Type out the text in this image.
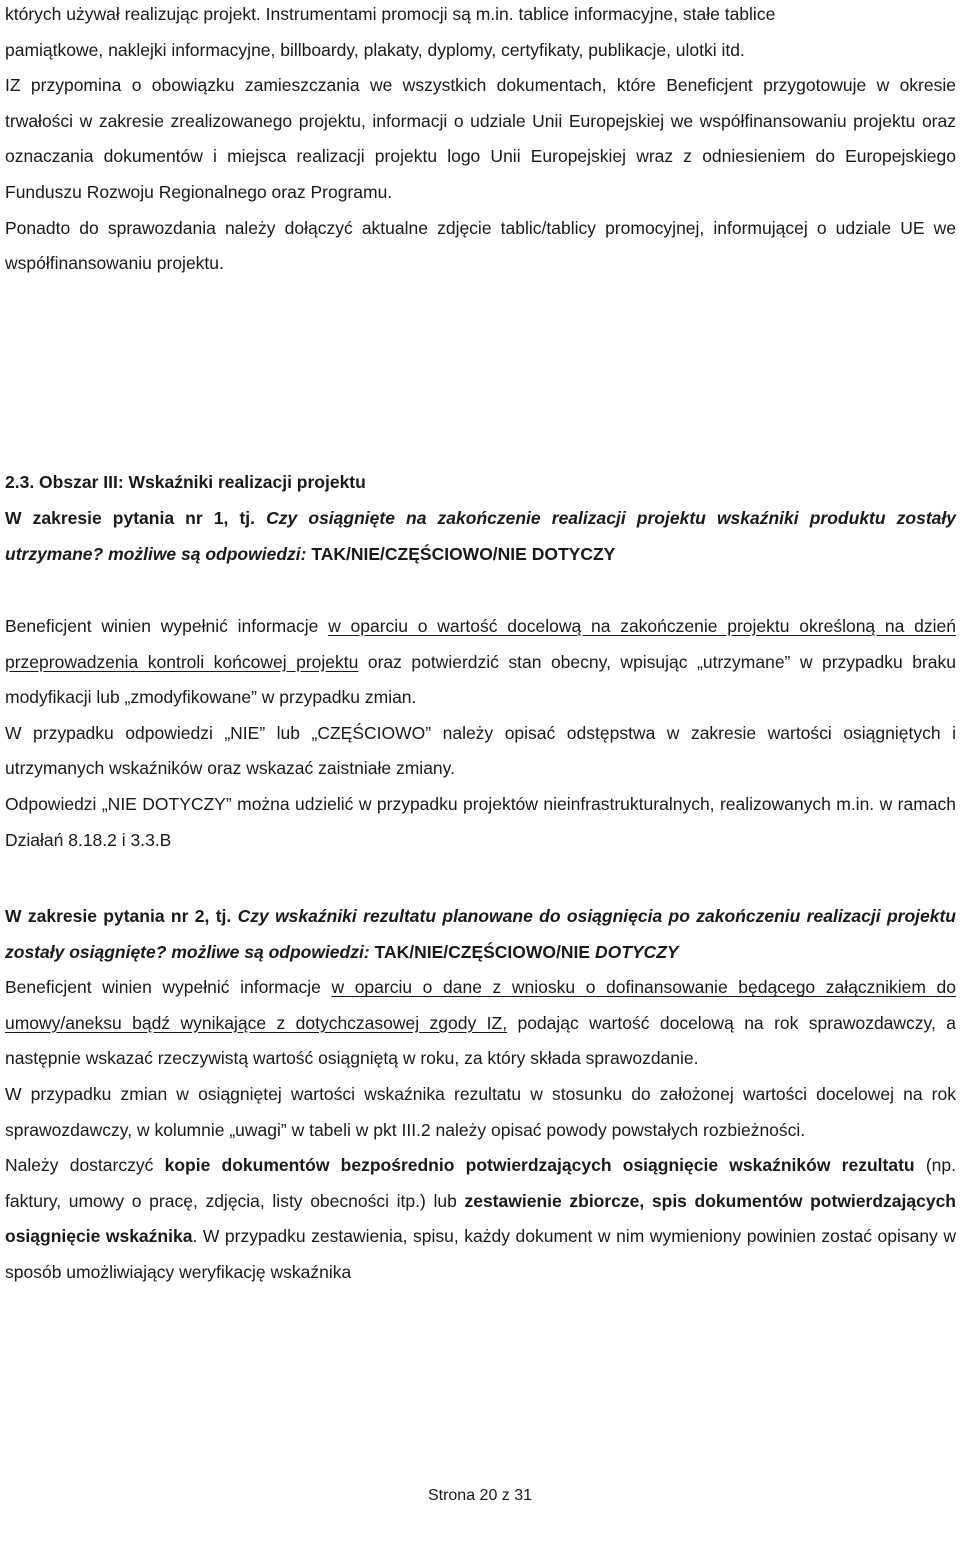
których używał realizując projekt. Instrumentami promocji są m.in. tablice informacyjne, stałe tablice

pamiątkowe, naklejki informacyjne, billboardy, plakaty, dyplomy, certyfikaty, publikacje, ulotki itd.

IZ przypomina o obowiązku zamieszczania we wszystkich dokumentach, które Beneficjent przygotowuje w okresie trwałości w zakresie zrealizowanego projektu, informacji o udziale Unii Europejskiej we współfinansowaniu projektu oraz oznaczania dokumentów i miejsca realizacji projektu logo Unii Europejskiej wraz z odniesieniem do Europejskiego Funduszu Rozwoju Regionalnego oraz Programu.

Ponadto do sprawozdania należy dołączyć aktualne zdjęcie tablic/tablicy promocyjnej, informującej o udziale UE we współfinansowaniu projektu.

2.3. Obszar III: Wskaźniki realizacji projektu

W zakresie pytania nr 1, tj. Czy osiągnięte na zakończenie realizacji projektu wskaźniki produktu zostały utrzymane? możliwe są odpowiedzi: TAK/NIE/CZĘŚCIOWO/NIE DOTYCZY

Beneficjent winien wypełnić informacje w oparciu o wartość docelową na zakończenie projektu określoną na dzień przeprowadzenia kontroli końcowej projektu oraz potwierdzić stan obecny, wpisując „utrzymane” w przypadku braku modyfikacji lub „zmodyfikowane” w przypadku zmian.

W przypadku odpowiedzi „NIE” lub „CZĘŚCIOWO” należy opisać odstępstwa w zakresie wartości osiągniętych i utrzymanych wskaźników oraz wskazać zaistniałe zmiany.

Odpowiedzi „NIE DOTYCZY” można udzielić w przypadku projektów nieinfrastrukturalnych, realizowanych m.in. w ramach Działań 8.18.2 i 3.3.B

W zakresie pytania nr 2, tj. Czy wskaźniki rezultatu planowane do osiągnięcia po zakończeniu realizacji projektu zostały osiągnięte? możliwe są odpowiedzi: TAK/NIE/CZĘŚCIOWO/NIE DOTYCZY

Beneficjent winien wypełnić informacje w oparciu o dane z wniosku o dofinansowanie będącego załącznikiem do umowy/aneksu bądź wynikające z dotychczasowej zgody IZ, podając wartość docelową na rok sprawozdawczy, a następnie wskazać rzeczywistą wartość osiągniętą w roku, za który składa sprawozdanie.

W przypadku zmian w osiągniętej wartości wskaźnika rezultatu w stosunku do założonej wartości docelowej na rok sprawozdawczy, w kolumnie „uwagi” w tabeli w pkt III.2 należy opisać powody powstałych rozbieżności.

Należy dostarczyć kopie dokumentów bezpośrednio potwierdzających osiągnięcie wskaźników rezultatu (np. faktury, umowy o pracę, zdjęcia, listy obecności itp.) lub zestawienie zbiorcze, spis dokumentów potwierdzających osiągnięcie wskaźnika. W przypadku zestawienia, spisu, każdy dokument w nim wymieniony powinien zostać opisany w sposób umożliwiający weryfikację wskaźnika

Strona 20 z 31
